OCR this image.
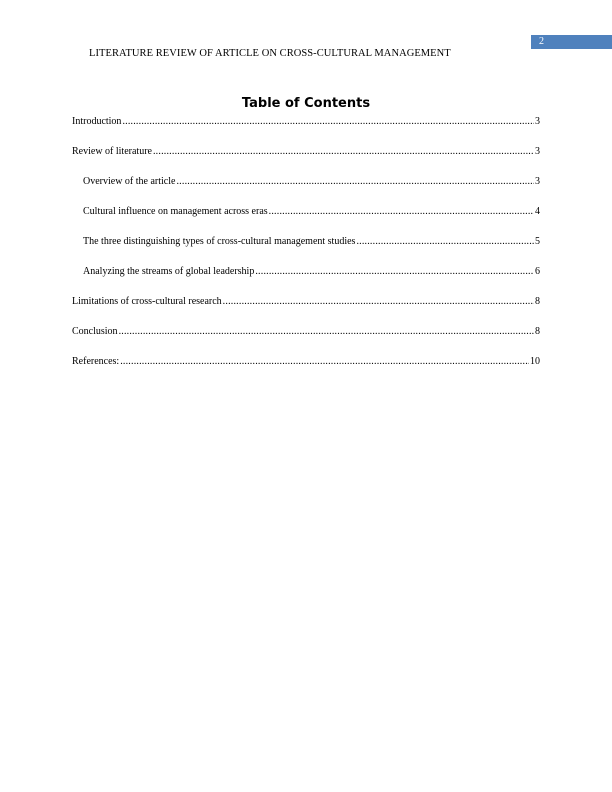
2
LITERATURE REVIEW OF ARTICLE ON CROSS-CULTURAL MANAGEMENT
Table of Contents
Introduction .....	3
Review of literature .....	3
Overview of the article .....	3
Cultural influence on management across eras .....	4
The three distinguishing types of cross-cultural management studies .....	5
Analyzing the streams of global leadership .....	6
Limitations of cross-cultural research .....	8
Conclusion .....	8
References: .....	10
